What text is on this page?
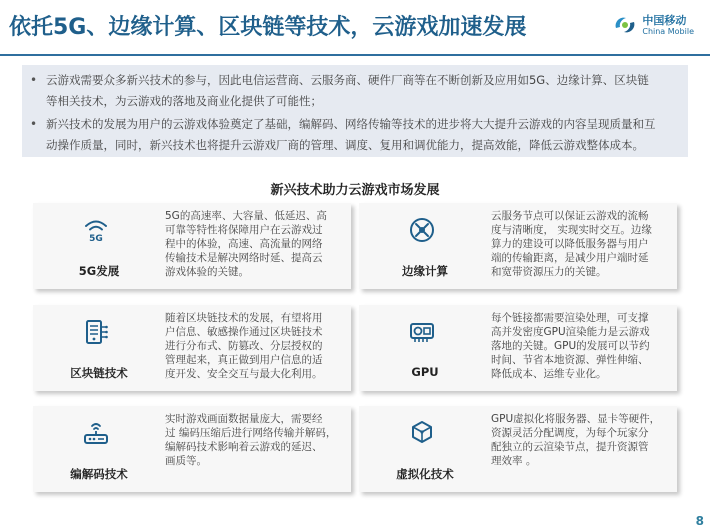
依托5G、边缘计算、区块链等技术，云游戏加速发展	中国移动
China Mobile
• 云游戏需要众多新兴技术的参与，因此电信运营商、云服务商、硬件厂商等在不断创新及应用如5G、边缘计算、区块链
等相关技术，为云游戏的落地及商业化提供了可能性；
• 新兴技术的发展为用户的云游戏体验奠定了基础，编解码、网络传输等技术的进步将大大提升云游戏的内容呈现质量和互
动操作质量，同时，新兴技术也将提升云游戏厂商的管理、调度、复用和调优能力，提高效能，降低云游戏整体成本。
新兴技术助力云游戏市场发展
5G
5G发展
5G的高速率、大容量、低延迟、高
可靠等特性将保障用户在云游戏过
程中的体验，高速、高流量的网络
传输技术是解决网络时延、提高云
游戏体验的关键。	边缘计算
云服务节点可以保证云游戏的流畅
度与清晰度， 实现实时交互。边缘
算力的建设可以降低服务器与用户
端的传输距离，是减少用户端时延
和宽带资源压力的关键。
区块链技术
随着区块链技术的发展，有望将用
户信息、敏感操作通过区块链技术
进行分布式、防篡改、分层授权的
管理起来，真正做到用户信息的适
度开发、安全交互与最大化利用。	GPU
每个链接都需要渲染处理，可支撑
高并发密度GPU渲染能力是云游戏
落地的关键。GPU的发展可以节约
时间、节省本地资源、弹性伸缩、
降低成本、运维专业化。
编解码技术
实时游戏画面数据量庞大，需要经
过 编码压缩后进行网络传输并解码，
编解码技术影响着云游戏的延迟、
画质等。
虚拟化技术
GPU虚拟化将服务器、显卡等硬件，
资源灵活分配调度，为每个玩家分
配独立的云渲染节点，提升资源管
理效率 。
8
